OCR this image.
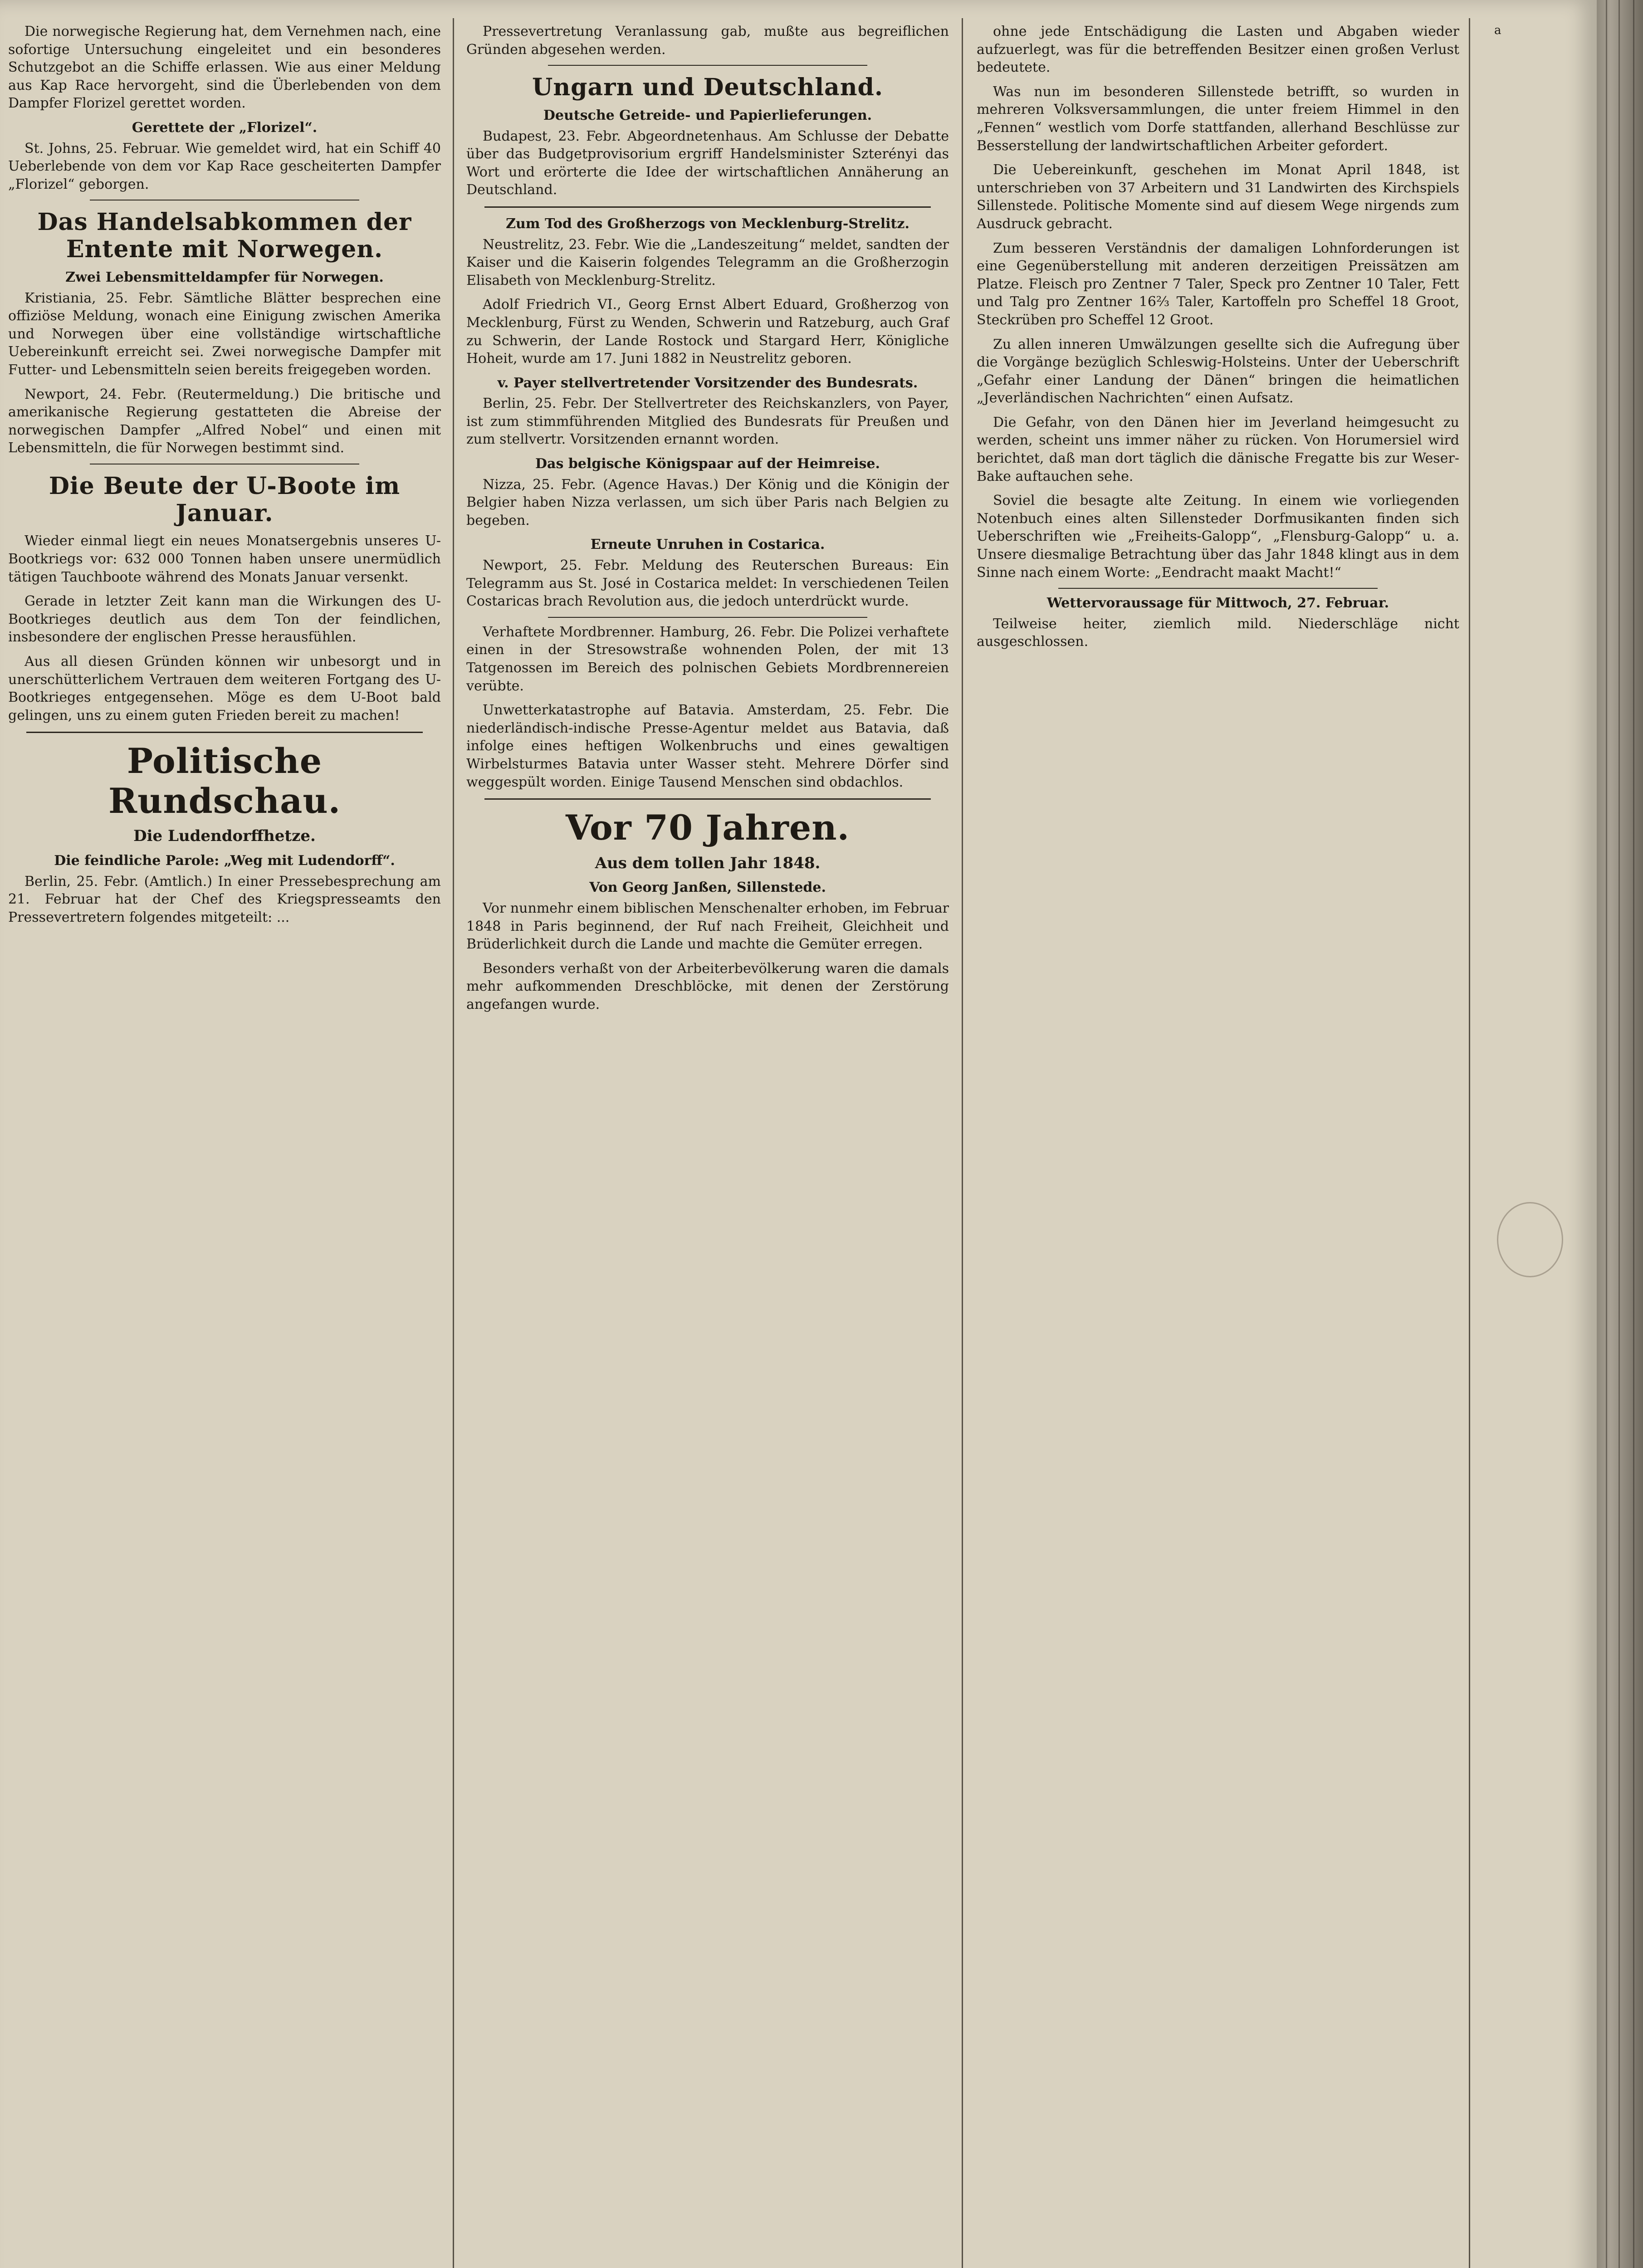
Die norwegische Regierung hat, dem Vernehmen nach, eine sofortige Untersuchung eingeleitet und ein besonderes Schutzgebot an die Schiffe erlassen. Wie aus einer Meldung aus Kap Race hervorgeht, sind die Überlebenden von dem Dampfer Florizel gerettet worden.

Gerettete der „Florizel“.

St. Johns, 25. Februar. Wie gemeldet wird, hat ein Schiff 40 Ueberlebende von dem vor Kap Race gescheiterten Dampfer „Florizel“ geborgen.

Das Handelsabkommen der Entente mit Norwegen.
Zwei Lebensmitteldampfer für Norwegen.

Kristiania, 25. Febr. Sämtliche Blätter besprechen eine offiziöse Meldung, wonach eine Einigung zwischen Amerika und Norwegen über eine vollständige wirtschaftliche Uebereinkunft erreicht sei. Zwei norwegische Dampfer mit Futter- und Lebensmitteln seien bereits freigegeben worden.

Newport, 24. Febr. (Reutermeldung.) Die britische und amerikanische Regierung gestatteten die Abreise der norwegischen Dampfer „Alfred Nobel“ und einen mit Lebensmitteln, die für Norwegen bestimmt sind.

Die Beute der U-Boote im Januar.

Wieder einmal liegt ein neues Monatsergebnis unseres U-Bootkriegs vor: 632 000 Tonnen haben unsere unermüdlich tätigen Tauchboote während des Monats Januar versenkt.

Gerade in letzter Zeit kann man die Wirkungen des U-Bootkrieges deutlich aus dem Ton der feindlichen, insbesondere der englischen Presse herausfühlen.

Aus all diesen Gründen können wir unbesorgt und in unerschütterlichem Vertrauen dem weiteren Fortgang des U-Bootkrieges entgegensehen. Möge es dem U-Boot bald gelingen, uns zu einem guten Frieden bereit zu machen!

Politische Rundschau.
Die Ludendorffhetze.
Die feindliche Parole: „Weg mit Ludendorff“.

Berlin, 25. Febr. (Amtlich.) In einer Pressebesprechung am 21. Februar hat der Chef des Kriegspresseamts den Pressevertretern folgendes mitgeteilt: ...

Pressevertretung Veranlassung gab, mußte aus begreiflichen Gründen abgesehen werden.

Ungarn und Deutschland.
Deutsche Getreide- und Papierlieferungen.

Budapest, 23. Febr. Abgeordnetenhaus. Am Schlusse der Debatte über das Budgetprovisorium ergriff Handelsminister Szterényi das Wort und erörterte die Idee der wirtschaftlichen Annäherung an Deutschland.

Zum Tod des Großherzogs von Mecklenburg-Strelitz.

Neustrelitz, 23. Febr. Wie die „Landeszeitung“ meldet, sandten der Kaiser und die Kaiserin folgendes Telegramm an die Großherzogin Elisabeth von Mecklenburg-Strelitz.

Adolf Friedrich VI., Georg Ernst Albert Eduard, Großherzog von Mecklenburg, Fürst zu Wenden, Schwerin und Ratzeburg, auch Graf zu Schwerin, der Lande Rostock und Stargard Herr, Königliche Hoheit, wurde am 17. Juni 1882 in Neustrelitz geboren.

v. Payer stellvertretender Vorsitzender des Bundesrats.

Berlin, 25. Febr. Der Stellvertreter des Reichskanzlers, von Payer, ist zum stimmführenden Mitglied des Bundesrats für Preußen und zum stellvertr. Vorsitzenden ernannt worden.

Das belgische Königspaar auf der Heimreise.

Nizza, 25. Febr. (Agence Havas.) Der König und die Königin der Belgier haben Nizza verlassen, um sich über Paris nach Belgien zu begeben.

Erneute Unruhen in Costarica.

Newport, 25. Febr. Meldung des Reuterschen Bureaus: Ein Telegramm aus St. José in Costarica meldet: In verschiedenen Teilen Costaricas brach Revolution aus, die jedoch unterdrückt wurde.

Verhaftete Mordbrenner. Hamburg, 26. Febr. Die Polizei verhaftete einen in der Stresowstraße wohnenden Polen, der mit 13 Tatgenossen im Bereich des polnischen Gebiets Mordbrennereien verübte.

Unwetterkatastrophe auf Batavia. Amsterdam, 25. Febr. Die niederländisch-indische Presse-Agentur meldet aus Batavia, daß infolge eines heftigen Wolkenbruchs und eines gewaltigen Wirbelsturmes Batavia unter Wasser steht. Mehrere Dörfer sind weggespült worden. Einige Tausend Menschen sind obdachlos.

Vor 70 Jahren.
Aus dem tollen Jahr 1848.
Von Georg Janßen, Sillenstede.

Vor nunmehr einem biblischen Menschenalter erhoben, im Februar 1848 in Paris beginnend, der Ruf nach Freiheit, Gleichheit und Brüderlichkeit durch die Lande und machte die Gemüter erregen.

Besonders verhaßt von der Arbeiterbevölkerung waren die damals mehr aufkommenden Dreschblöcke, mit denen der Zerstörung angefangen wurde.

ohne jede Entschädigung die Lasten und Abgaben wieder aufzuerlegt, was für die betreffenden Besitzer einen großen Verlust bedeutete.

Was nun im besonderen Sillenstede betrifft, so wurden in mehreren Volksversammlungen, die unter freiem Himmel in den „Fennen“ westlich vom Dorfe stattfanden, allerhand Beschlüsse zur Besserstellung der landwirtschaftlichen Arbeiter gefordert.

Die Uebereinkunft, geschehen im Monat April 1848, ist unterschrieben von 37 Arbeitern und 31 Landwirten des Kirchspiels Sillenstede. Politische Momente sind auf diesem Wege nirgends zum Ausdruck gebracht.

Zum besseren Verständnis der damaligen Lohnforderungen ist eine Gegenüberstellung mit anderen derzeitigen Preissätzen am Platze. Fleisch pro Zentner 7 Taler, Speck pro Zentner 10 Taler, Fett und Talg pro Zentner 16⅔ Taler, Kartoffeln pro Scheffel 18 Groot, Steckrüben pro Scheffel 12 Groot.

Zu allen inneren Umwälzungen gesellte sich die Aufregung über die Vorgänge bezüglich Schleswig-Holsteins. Unter der Ueberschrift „Gefahr einer Landung der Dänen“ bringen die heimatlichen „Jeverländischen Nachrichten“ einen Aufsatz.

Die Gefahr, von den Dänen hier im Jeverland heimgesucht zu werden, scheint uns immer näher zu rücken. Von Horumersiel wird berichtet, daß man dort täglich die dänische Fregatte bis zur Weser-Bake auftauchen sehe.

Soviel die besagte alte Zeitung. In einem wie vorliegenden Notenbuch eines alten Sillensteder Dorfmusikanten finden sich Ueberschriften wie „Freiheits-Galopp“, „Flensburg-Galopp“ u. a. Unsere diesmalige Betrachtung über das Jahr 1848 klingt aus in dem Sinne nach einem Worte: „Eendracht maakt Macht!“

Wettervoraussage für Mittwoch, 27. Februar.

Teilweise heiter, ziemlich mild. Niederschläge nicht ausgeschlossen.

a
